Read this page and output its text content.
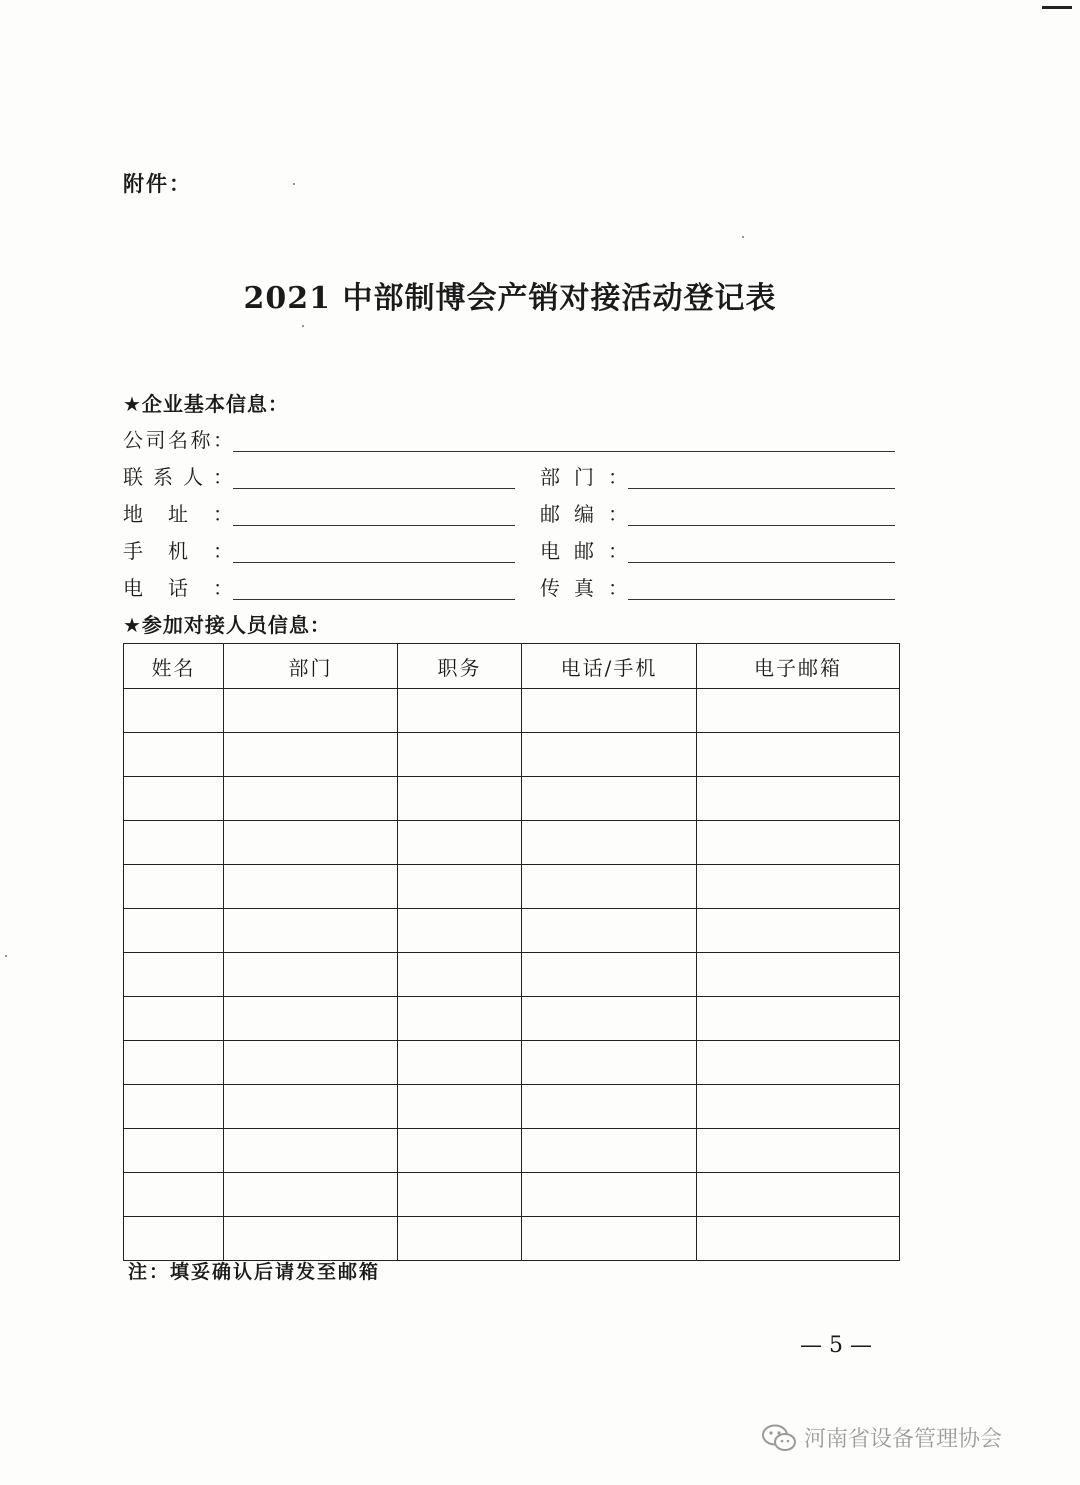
附件：
2021 中部制博会产销对接活动登记表
★企业基本信息：
公 司 名 称 ：
联 系 人 ：	部 门 ：
地 址 ：	邮 编 ：
手 机 ：	电 邮 ：
电 话 ：	传 真 ：
★参加对接人员信息：
姓名	部门	职务	电话/手机	电子邮箱

注：填妥确认后请发至邮箱
— 5 —
河南省设备管理协会
